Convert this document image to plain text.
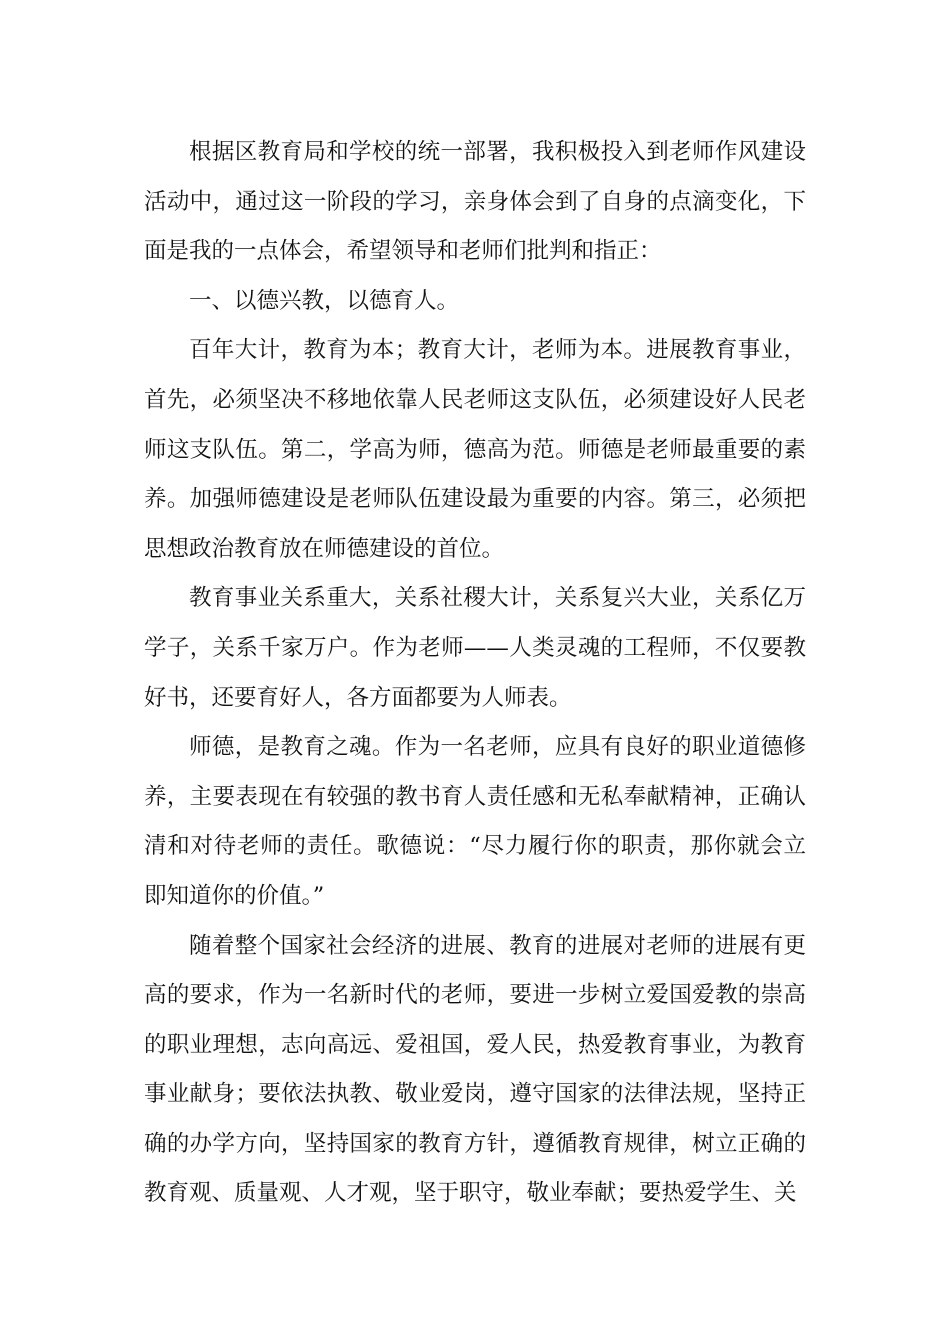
根据区教育局和学校的统一部署，我积极投入到老师作风建设活动中，通过这一阶段的学习，亲身体会到了自身的点滴变化，下面是我的一点体会，希望领导和老师们批判和指正：

一、以德兴教，以德育人。

百年大计，教育为本；教育大计，老师为本。进展教育事业，首先，必须坚决不移地依靠人民老师这支队伍，必须建设好人民老师这支队伍。第二，学高为师，德高为范。师德是老师最重要的素养。加强师德建设是老师队伍建设最为重要的内容。第三，必须把思想政治教育放在师德建设的首位。

教育事业关系重大，关系社稷大计，关系复兴大业，关系亿万学子，关系千家万户。作为老师——人类灵魂的工程师，不仅要教好书，还要育好人，各方面都要为人师表。

师德，是教育之魂。作为一名老师，应具有良好的职业道德修养，主要表现在有较强的教书育人责任感和无私奉献精神，正确认清和对待老师的责任。歌德说：“尽力履行你的职责，那你就会立即知道你的价值。”

随着整个国家社会经济的进展、教育的进展对老师的进展有更高的要求，作为一名新时代的老师，要进一步树立爱国爱教的崇高的职业理想，志向高远、爱祖国，爱人民，热爱教育事业，为教育事业献身；要依法执教、敬业爱岗，遵守国家的法律法规，坚持正确的办学方向，坚持国家的教育方针，遵循教育规律，树立正确的教育观、质量观、人才观，坚于职守，敬业奉献；要热爱学生、关
